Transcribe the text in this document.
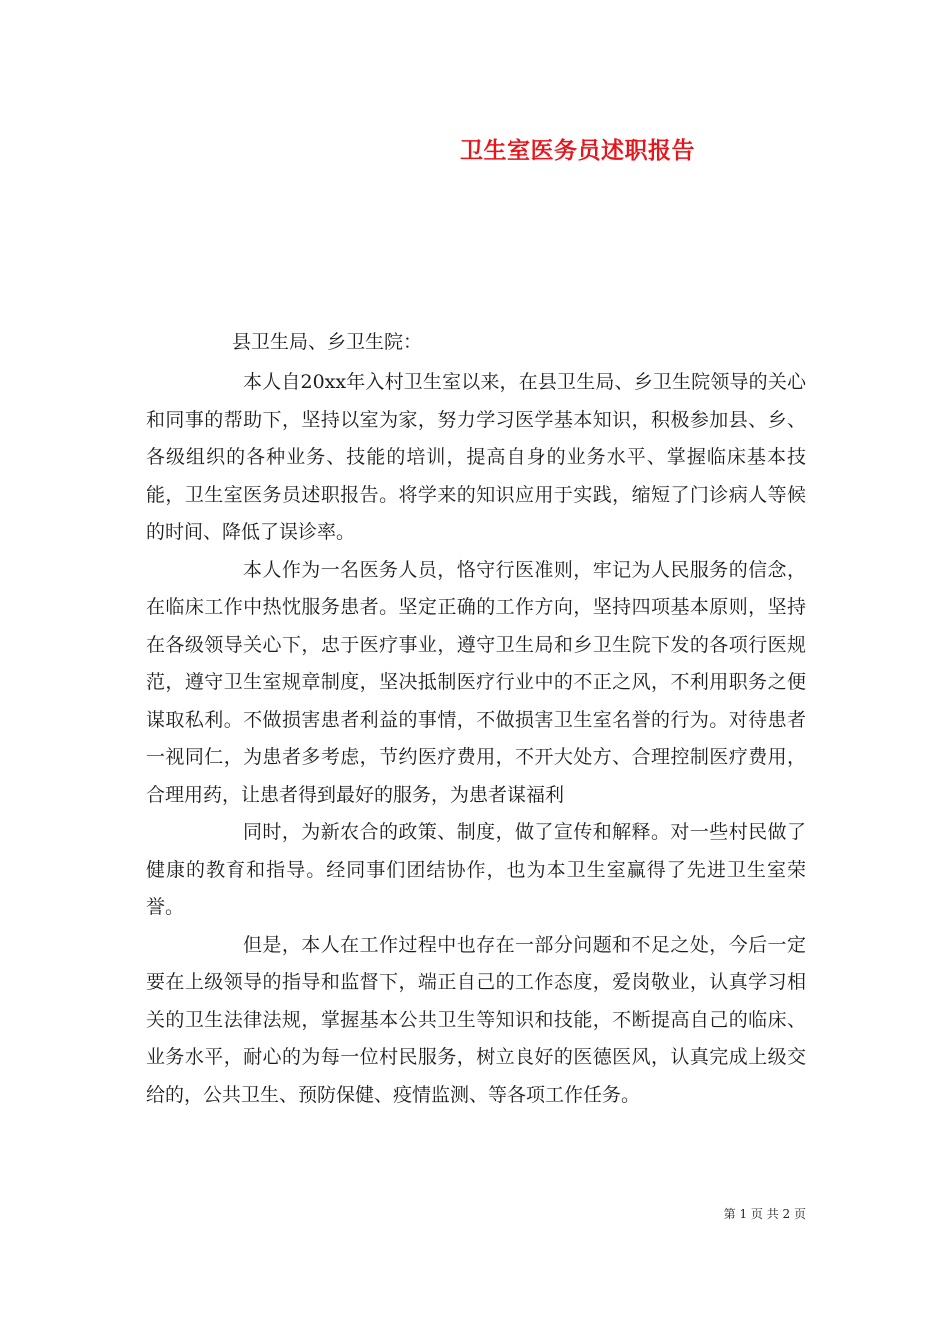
卫生室医务员述职报告
县卫生局、乡卫生院：

本人自20xx年入村卫生室以来，在县卫生局、乡卫生院领导的关心和同事的帮助下，坚持以室为家，努力学习医学基本知识，积极参加县、乡、各级组织的各种业务、技能的培训，提高自身的业务水平、掌握临床基本技能，卫生室医务员述职报告。将学来的知识应用于实践，缩短了门诊病人等候的时间、降低了误诊率。

本人作为一名医务人员，恪守行医准则，牢记为人民服务的信念，在临床工作中热忱服务患者。坚定正确的工作方向，坚持四项基本原则，坚持在各级领导关心下，忠于医疗事业，遵守卫生局和乡卫生院下发的各项行医规范，遵守卫生室规章制度，坚决抵制医疗行业中的不正之风，不利用职务之便谋取私利。不做损害患者利益的事情，不做损害卫生室名誉的行为。对待患者一视同仁，为患者多考虑，节约医疗费用，不开大处方、合理控制医疗费用，合理用药，让患者得到最好的服务，为患者谋福利

同时，为新农合的政策、制度，做了宣传和解释。对一些村民做了健康的教育和指导。经同事们团结协作，也为本卫生室赢得了先进卫生室荣誉。

但是，本人在工作过程中也存在一部分问题和不足之处，今后一定要在上级领导的指导和监督下，端正自己的工作态度，爱岗敬业，认真学习相关的卫生法律法规，掌握基本公共卫生等知识和技能，不断提高自己的临床、业务水平，耐心的为每一位村民服务，树立良好的医德医风，认真完成上级交给的，公共卫生、预防保健、疫情监测、等各项工作任务。

第 1 页 共 2 页
